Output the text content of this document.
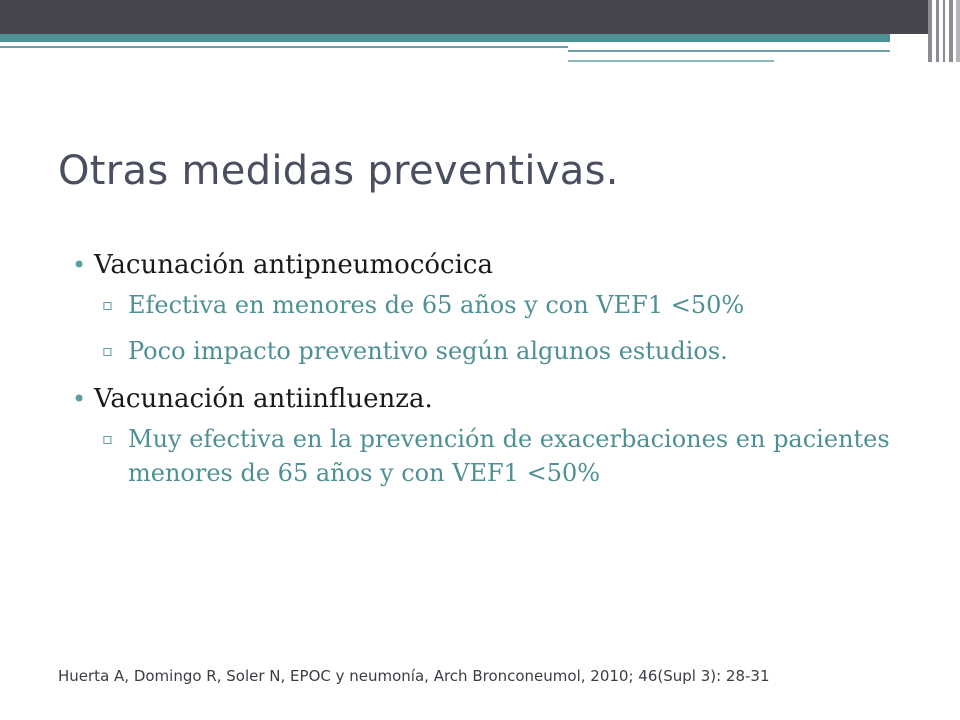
Otras medidas preventivas.
• Vacunación antipneumocócica
▫ Efectiva en menores de 65 años y con VEF1 <50%
▫ Poco impacto preventivo según algunos estudios.
• Vacunación antiinfluenza.
▫ Muy efectiva en la prevención de exacerbaciones en pacientes menores de 65 años y con VEF1 <50%
Huerta A, Domingo R, Soler N, EPOC y neumonía, Arch Bronconeumol, 2010; 46(Supl 3): 28-31
